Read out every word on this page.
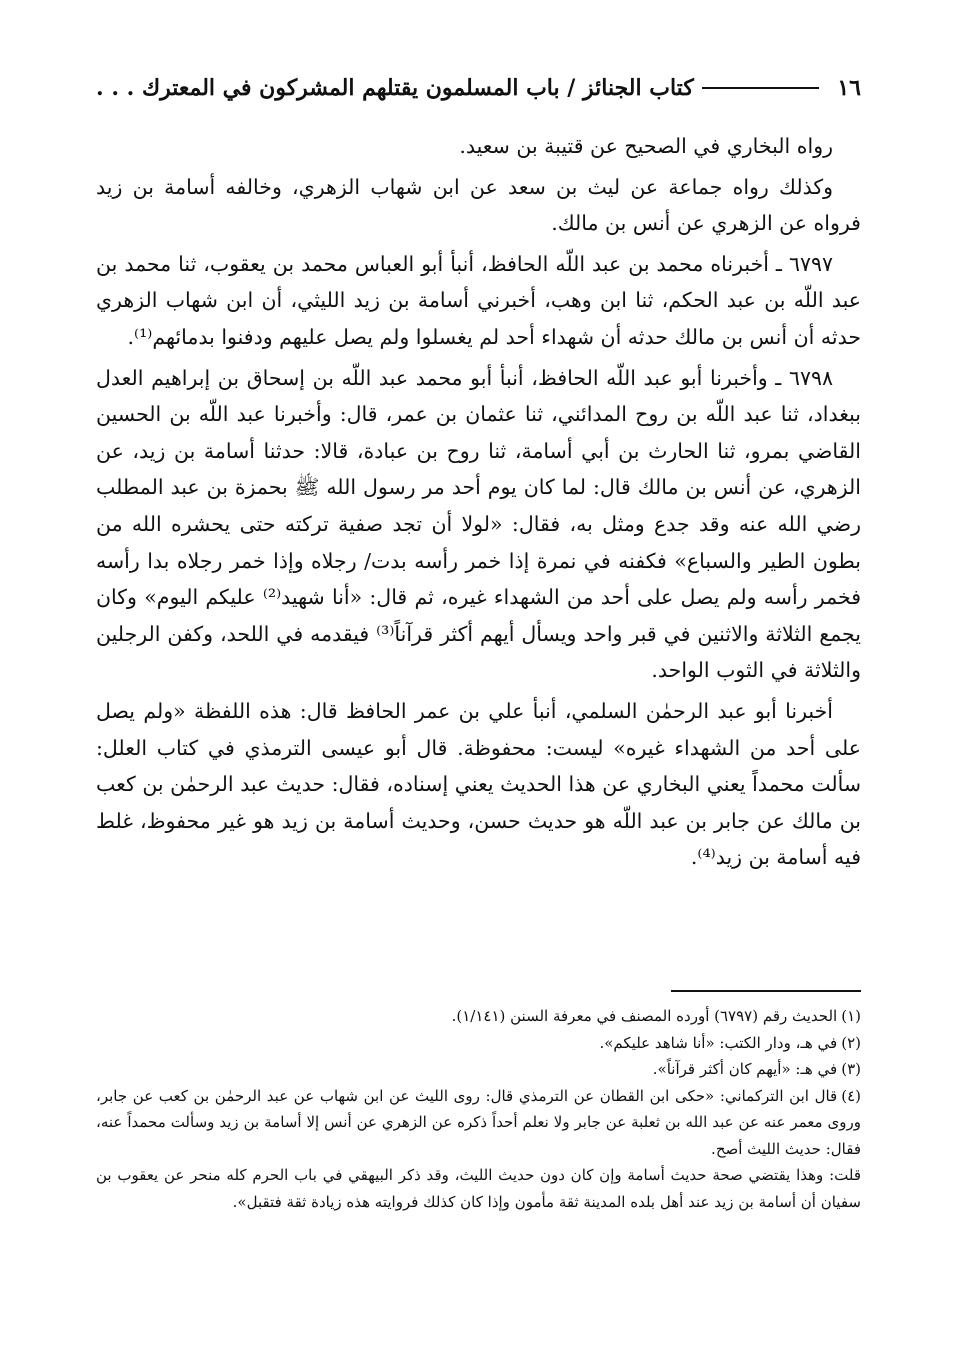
١٦
كتاب الجنائز / باب المسلمون يقتلهم المشركون في المعترك . . .

رواه البخاري في الصحيح عن قتيبة بن سعيد.

وكذلك رواه جماعة عن ليث بن سعد عن ابن شهاب الزهري، وخالفه أسامة بن زيد فرواه عن الزهري عن أنس بن مالك.

٦٧٩٧ ـ أخبرناه محمد بن عبد اللّه الحافظ، أنبأ أبو العباس محمد بن يعقوب، ثنا محمد بن عبد اللّه بن عبد الحكم، ثنا ابن وهب، أخبرني أسامة بن زيد الليثي، أن ابن شهاب الزهري حدثه أن أنس بن مالك حدثه أن شهداء أحد لم يغسلوا ولم يصل عليهم ودفنوا بدمائهم⁽¹⁾.

٦٧٩٨ ـ وأخبرنا أبو عبد اللّه الحافظ، أنبأ أبو محمد عبد اللّه بن إسحاق بن إبراهيم العدل ببغداد، ثنا عبد اللّه بن روح المدائني، ثنا عثمان بن عمر، قال: وأخبرنا عبد اللّه بن الحسين القاضي بمرو، ثنا الحارث بن أبي أسامة، ثنا روح بن عبادة، قالا: حدثنا أسامة بن زيد، عن الزهري، عن أنس بن مالك قال: لما كان يوم أحد مر رسول الله ﷺ بحمزة بن عبد المطلب رضي الله عنه وقد جدع ومثل به، فقال: «لولا أن تجد صفية تركته حتى يحشره الله من بطون الطير والسباع» فكفنه في نمرة إذا خمر رأسه بدت/ رجلاه وإذا خمر رجلاه بدا رأسه فخمر رأسه ولم يصل على أحد من الشهداء غيره، ثم قال: «أنا شهيد⁽²⁾ عليكم اليوم» وكان يجمع الثلاثة والاثنين في قبر واحد ويسأل أيهم أكثر قرآناً⁽³⁾ فيقدمه في اللحد، وكفن الرجلين والثلاثة في الثوب الواحد.

أخبرنا أبو عبد الرحمٰن السلمي، أنبأ علي بن عمر الحافظ قال: هذه اللفظة «ولم يصل على أحد من الشهداء غيره» ليست: محفوظة. قال أبو عيسى الترمذي في كتاب العلل: سألت محمداً يعني البخاري عن هذا الحديث يعني إسناده، فقال: حديث عبد الرحمٰن بن كعب بن مالك عن جابر بن عبد اللّه هو حديث حسن، وحديث أسامة بن زيد هو غير محفوظ، غلط فيه أسامة بن زيد⁽⁴⁾.

(١)الحديث رقم (٦٧٩٧) أورده المصنف في معرفة السنن (١/١٤١).

(٢)في هـ، ودار الكتب: «أنا شاهد عليكم».

(٣)في هـ: «أيهم كان أكثر قرآناً».

(٤)قال ابن التركماني: «حكى ابن القطان عن الترمذي قال: روى الليث عن ابن شهاب عن عبد الرحمٰن بن كعب عن جابر، وروى معمر عنه عن عبد الله بن ثعلبة عن جابر ولا نعلم أحداً ذكره عن الزهري عن أنس إلا أسامة بن زيد وسألت محمداً عنه، فقال: حديث الليث أصح.

قلت: وهذا يقتضي صحة حديث أسامة وإن كان دون حديث الليث، وقد ذكر البيهقي في باب الحرم كله منحر عن يعقوب بن سفيان أن أسامة بن زيد عند أهل بلده المدينة ثقة مأمون وإذا كان كذلك فروايته هذه زيادة ثقة فتقبل».
